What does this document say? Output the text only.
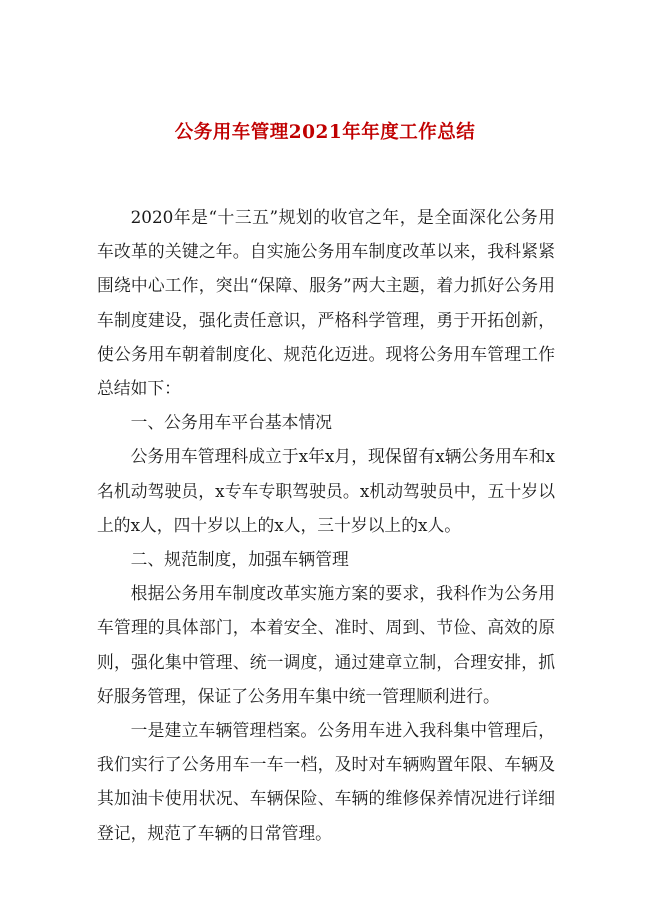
公务用车管理2021年年度工作总结

2020年是“十三五”规划的收官之年，是全面深化公务用车改革的关键之年。自实施公务用车制度改革以来，我科紧紧围绕中心工作，突出“保障、服务”两大主题，着力抓好公务用车制度建设，强化责任意识，严格科学管理，勇于开拓创新，使公务用车朝着制度化、规范化迈进。现将公务用车管理工作总结如下：

一、公务用车平台基本情况

公务用车管理科成立于x年x月，现保留有x辆公务用车和x名机动驾驶员，x专车专职驾驶员。x机动驾驶员中，五十岁以上的x人，四十岁以上的x人，三十岁以上的x人。

二、规范制度，加强车辆管理

根据公务用车制度改革实施方案的要求，我科作为公务用车管理的具体部门，本着安全、准时、周到、节俭、高效的原则，强化集中管理、统一调度，通过建章立制，合理安排，抓好服务管理，保证了公务用车集中统一管理顺利进行。

一是建立车辆管理档案。公务用车进入我科集中管理后，我们实行了公务用车一车一档，及时对车辆购置年限、车辆及其加油卡使用状况、车辆保险、车辆的维修保养情况进行详细登记，规范了车辆的日常管理。
